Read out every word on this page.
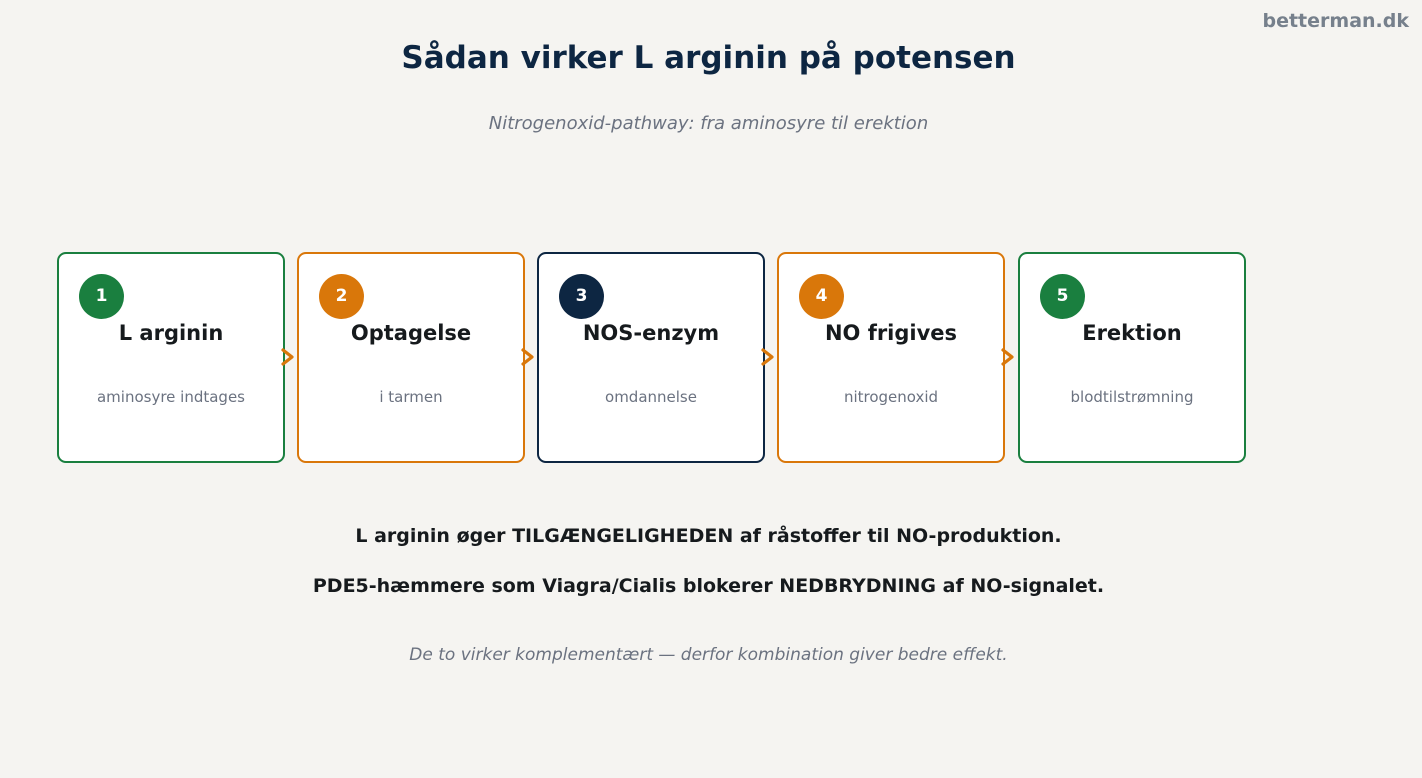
betterman.dk
Sådan virker L arginin på potensen
Nitrogenoxid-pathway: fra aminosyre til erektion
1
L arginin
aminosyre indtages
2
Optagelse
i tarmen
3
NOS-enzym
omdannelse
4
NO frigives
nitrogenoxid
5
Erektion
blodtilstrømning
L arginin øger TILGÆNGELIGHEDEN af råstoffer til NO-produktion.
PDE5-hæmmere som Viagra/Cialis blokerer NEDBRYDNING af NO-signalet.
De to virker komplementært — derfor kombination giver bedre effekt.
